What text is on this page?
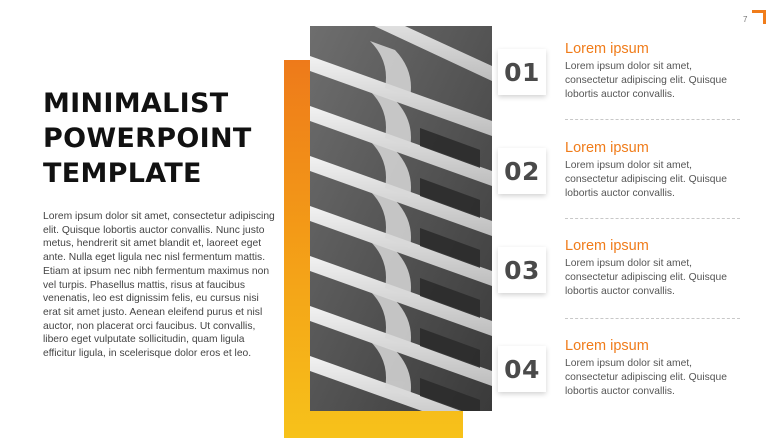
7
MINIMALIST
POWERPOINT
TEMPLATE

Lorem ipsum dolor sit amet, consectetur adipiscing elit. Quisque lobortis auctor convallis. Nunc justo metus, hendrerit sit amet blandit et, laoreet eget ante. Nulla eget ligula nec nisl fermentum mattis. Etiam at ipsum nec nibh fermentum maximus non vel turpis. Phasellus mattis, risus at faucibus venenatis, leo est dignissim felis, eu cursus nisi erat sit amet justo. Aenean eleifend purus et nisl auctor, non placerat orci faucibus. Ut convallis, libero eget vulputate sollicitudin, quam ligula efficitur ligula, in scelerisque dolor eros et leo.

01

Lorem ipsum

Lorem ipsum dolor sit amet, consectetur adipiscing elit. Quisque lobortis auctor convallis.

02

Lorem ipsum

Lorem ipsum dolor sit amet, consectetur adipiscing elit. Quisque lobortis auctor convallis.

03

Lorem ipsum

Lorem ipsum dolor sit amet, consectetur adipiscing elit. Quisque lobortis auctor convallis.

04

Lorem ipsum

Lorem ipsum dolor sit amet, consectetur adipiscing elit. Quisque lobortis auctor convallis.
